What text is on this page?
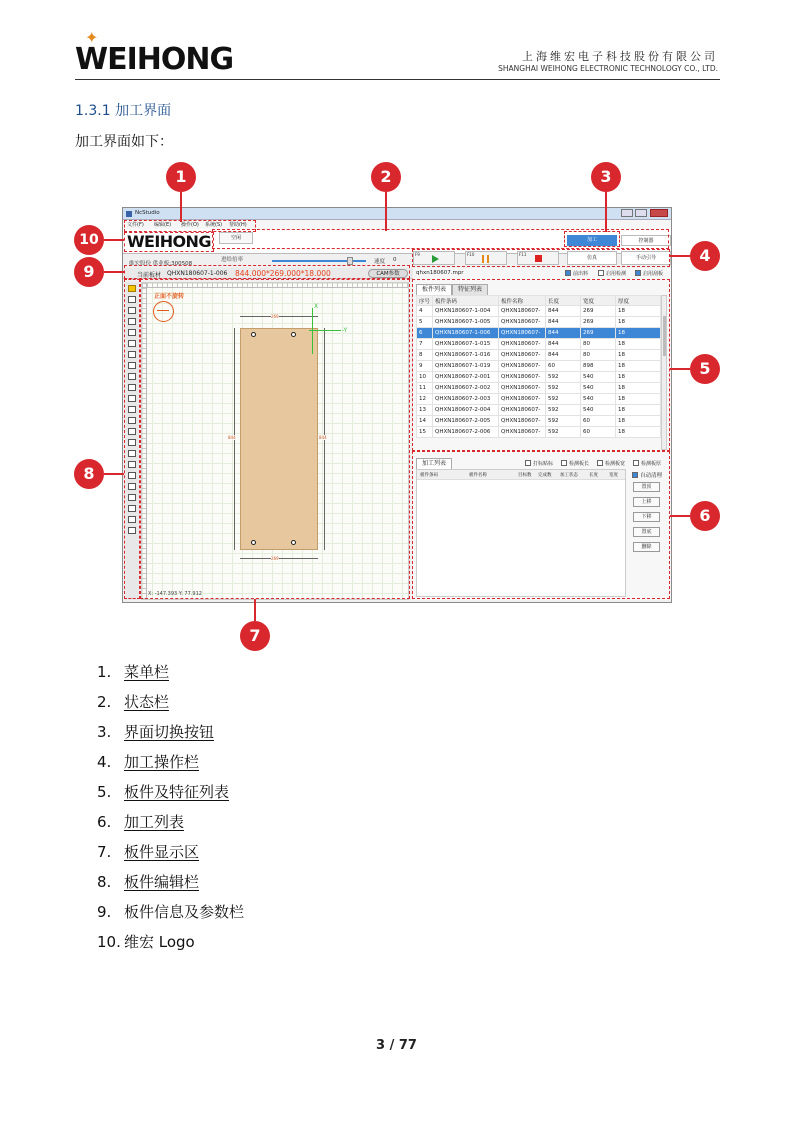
✦
WEIHONG	上海维宏电子科技股份有限公司
SHANGHAI WEIHONG ELECTRONIC TECHNOLOGY CO., LTD.
1.3.1 加工界面
加工界面如下：
NcStudio
文件(F) 编辑(E) 操作(O) 系统(S) 帮助(H)
WEIHONG	空闲	加工	控制器
维宏股份 供业板:300508
进给倍率	速度 0
F9	F10	F11
仿真	手动引导
当前板材 QHXN180607-1-006 844.000*269.000*18.000	CAM参数
正面不旋转
269
269
844	844
X
-Y
X: -147.393 Y: 77.912
qhxn180607.mpr	前出料	启用检测	启用刮板
板件列表	特征列表
序号	板件条码	板件名称	长度	宽度	厚度
4	QHXN180607-1-004	QHXN180607-	844	269	18
5	QHXN180607-1-005	QHXN180607-	844	269	18
6	QHXN180607-1-006	QHXN180607-	844	269	18
7	QHXN180607-1-015	QHXN180607-	844	80	18
8	QHXN180607-1-016	QHXN180607-	844	80	18
9	QHXN180607-1-019	QHXN180607-	60	898	18
10	QHXN180607-2-001	QHXN180607-	592	540	18
11	QHXN180607-2-002	QHXN180607-	592	540	18
12	QHXN180607-2-003	QHXN180607-	592	540	18
13	QHXN180607-2-004	QHXN180607-	592	540	18
14	QHXN180607-2-005	QHXN180607-	592	60	18
15	QHXN180607-2-006	QHXN180607-	592	60	18
加工列表	打标贴标	检测板长	检测板宽	检测板厚
板件条码	板件名称	目标数 完成数 加工状态 长度 宽度	自动清理
置顶
上移
下移
置底
删除
1	2	3
4
5
6
7
8
9
10
1. 菜单栏
2. 状态栏
3. 界面切换按钮
4. 加工操作栏
5. 板件及特征列表
6. 加工列表
7. 板件显示区
8. 板件编辑栏
9. 板件信息及参数栏
10. 维宏 Logo
3 / 77
